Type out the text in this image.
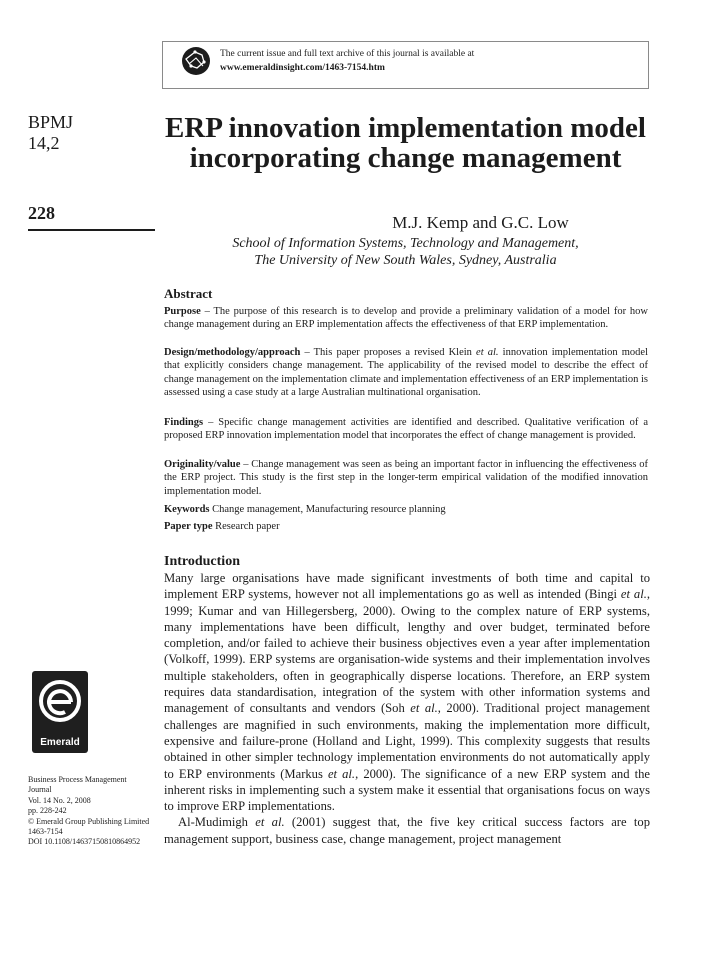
The current issue and full text archive of this journal is available at
www.emeraldinsight.com/1463-7154.htm
BPMJ
14,2
228
Emerald
Business Process Management
Journal
Vol. 14 No. 2, 2008
pp. 228-242
© Emerald Group Publishing Limited
1463-7154
DOI 10.1108/14637150810864952
ERP innovation implementation model incorporating change management
M.J. Kemp and G.C. Low
School of Information Systems, Technology and Management,
The University of New South Wales, Sydney, Australia
Abstract
Purpose – The purpose of this research is to develop and provide a preliminary validation of a model for how change management during an ERP implementation affects the effectiveness of that ERP implementation.
Design/methodology/approach – This paper proposes a revised Klein et al. innovation implementation model that explicitly considers change management. The applicability of the revised model to describe the effect of change management on the implementation climate and implementation effectiveness of an ERP implementation is assessed using a case study at a large Australian multinational organisation.
Findings – Specific change management activities are identified and described. Qualitative verification of a proposed ERP innovation implementation model that incorporates the effect of change management is provided.
Originality/value – Change management was seen as being an important factor in influencing the effectiveness of the ERP project. This study is the first step in the longer-term empirical validation of the modified innovation implementation model.
Keywords Change management, Manufacturing resource planning
Paper type Research paper
Introduction

Many large organisations have made significant investments of both time and capital to implement ERP systems, however not all implementations go as well as intended (Bingi et al., 1999; Kumar and van Hillegersberg, 2000). Owing to the complex nature of ERP systems, many implementations have been difficult, lengthy and over budget, terminated before completion, and/or failed to achieve their business objectives even a year after implementation (Volkoff, 1999). ERP systems are organisation-wide systems and their implementation involves multiple stakeholders, often in geographically disperse locations. Therefore, an ERP system requires data standardisation, integration of the system with other information systems and management of consultants and vendors (Soh et al., 2000). Traditional project management challenges are magnified in such environments, making the implementation more difficult, expensive and failure-prone (Holland and Light, 1999). This complexity suggests that results obtained in other simpler technology implementation environments do not automatically apply to ERP environments (Markus et al., 2000). The significance of a new ERP system and the inherent risks in implementing such a system make it essential that organisations focus on ways to improve ERP implementations.

Al-Mudimigh et al. (2001) suggest that, the five key critical success factors are top management support, business case, change management, project management
